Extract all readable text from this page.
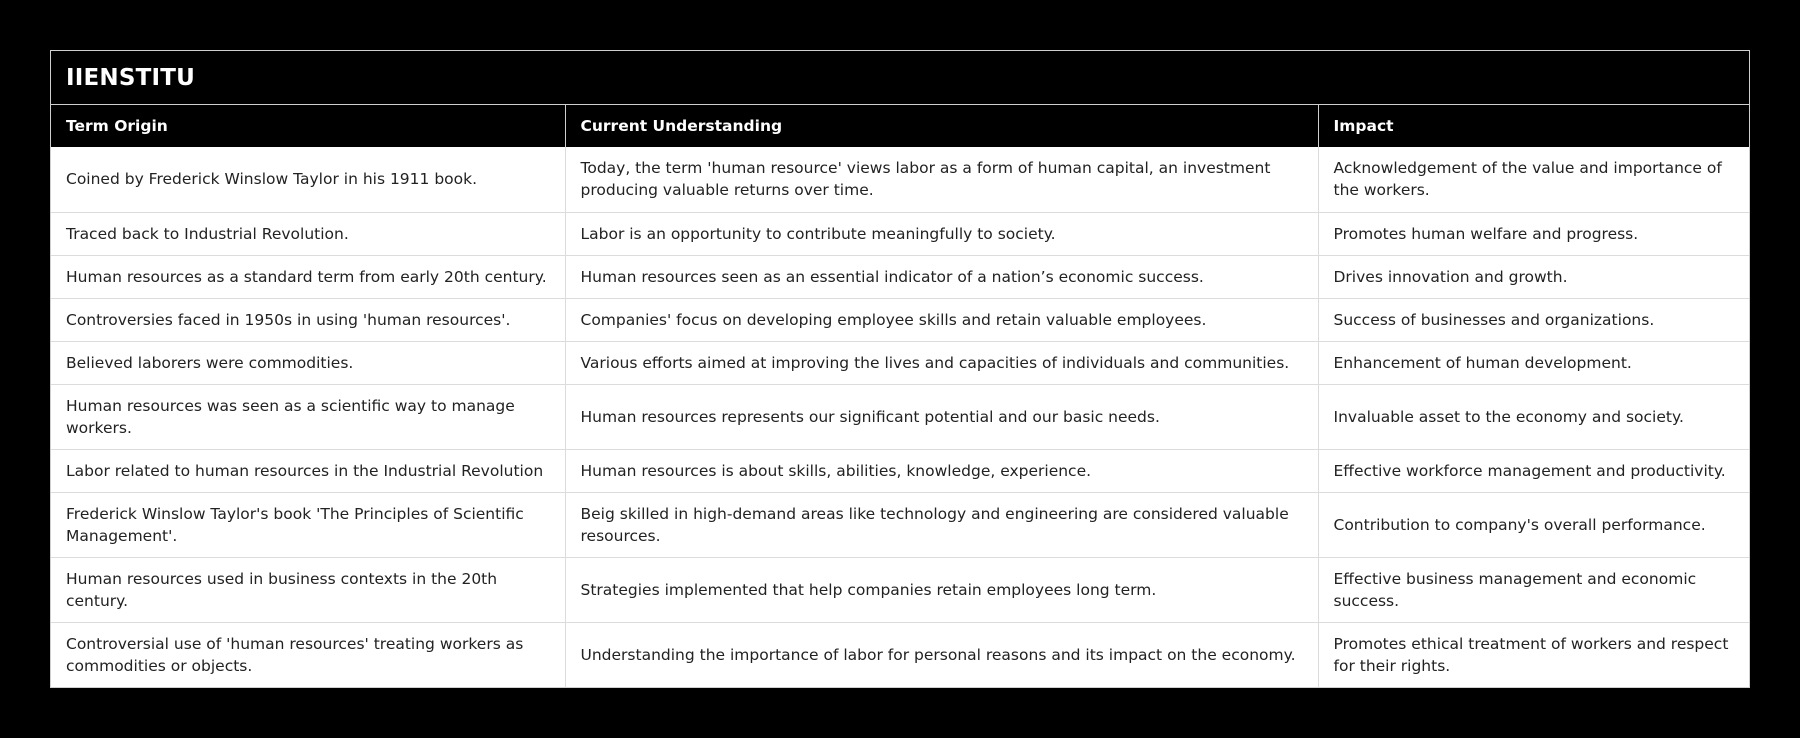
IIENSTITU
Term Origin	Current Understanding	Impact
Coined by Frederick Winslow Taylor in his 1911 book.	Today, the term 'human resource' views labor as a form of human capital, an investment producing valuable returns over time.	Acknowledgement of the value and importance of the workers.
Traced back to Industrial Revolution.	Labor is an opportunity to contribute meaningfully to society.	Promotes human welfare and progress.
Human resources as a standard term from early 20th century.	Human resources seen as an essential indicator of a nation’s economic success.	Drives innovation and growth.
Controversies faced in 1950s in using 'human resources'.	Companies' focus on developing employee skills and retain valuable employees.	Success of businesses and organizations.
Believed laborers were commodities.	Various efforts aimed at improving the lives and capacities of individuals and communities.	Enhancement of human development.
Human resources was seen as a scientific way to manage workers.	Human resources represents our significant potential and our basic needs.	Invaluable asset to the economy and society.
Labor related to human resources in the Industrial Revolution	Human resources is about skills, abilities, knowledge, experience.	Effective workforce management and productivity.
Frederick Winslow Taylor's book 'The Principles of Scientific Management'.	Beig skilled in high-demand areas like technology and engineering are considered valuable resources.	Contribution to company's overall performance.
Human resources used in business contexts in the 20th century.	Strategies implemented that help companies retain employees long term.	Effective business management and economic success.
Controversial use of 'human resources' treating workers as commodities or objects.	Understanding the importance of labor for personal reasons and its impact on the economy.	Promotes ethical treatment of workers and respect for their rights.
